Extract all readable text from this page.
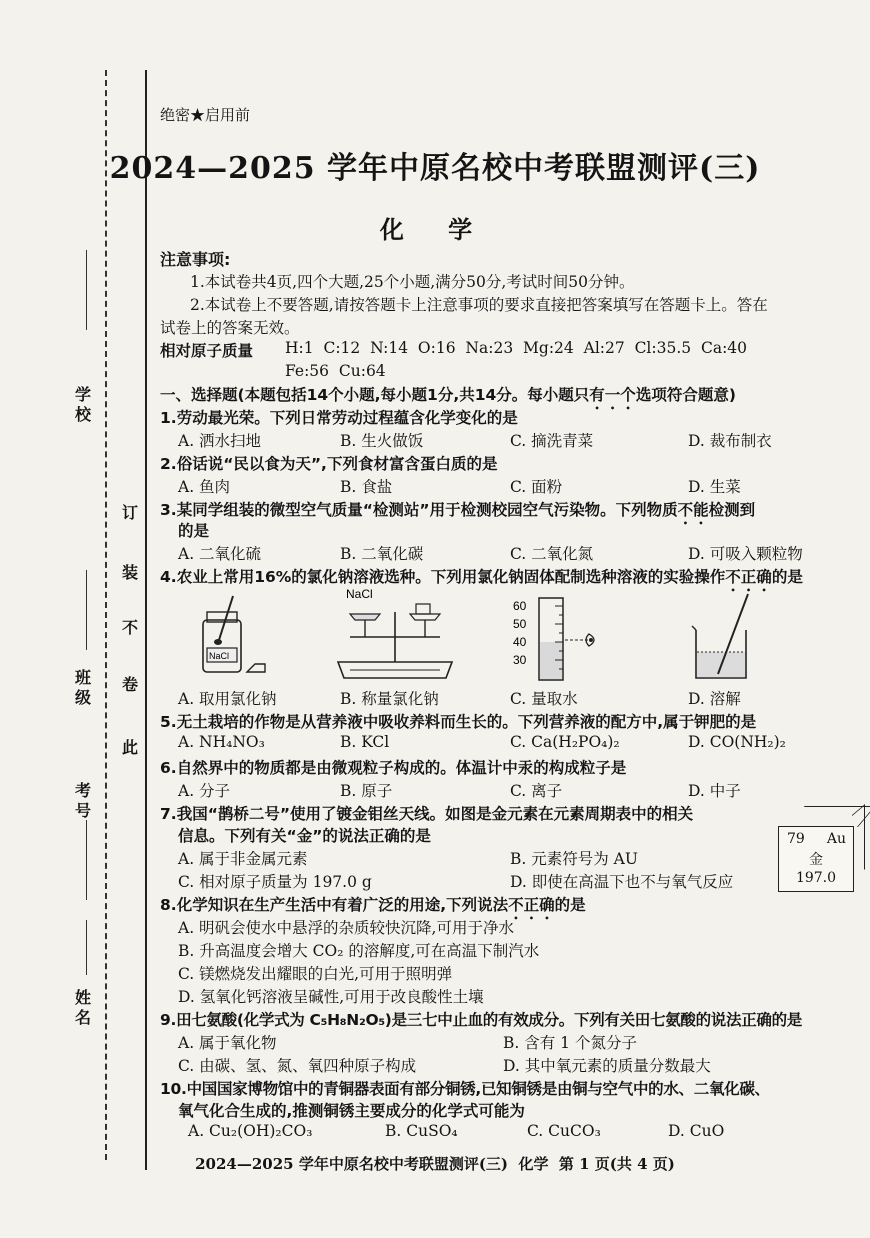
学校
班级
考号
姓名
订
装
不
卷
此
绝密★启用前
2024—2025 学年中原名校中考联盟测评(三)
化 学
注意事项:
1.本试卷共4页,四个大题,25个小题,满分50分,考试时间50分钟。
2.本试卷上不要答题,请按答题卡上注意事项的要求直接把答案填写在答题卡上。答在
试卷上的答案无效。
相对原子质量 H:1  C:12  N:14  O:16  Na:23  Mg:24  Al:27  Cl:35.5  Ca:40
Fe:56  Cu:64
一、选择题(本题包括14个小题,每小题1分,共14分。每小题只有一个选项符合题意)
1.劳动最光荣。下列日常劳动过程蕴含化学变化的是
A. 洒水扫地	B. 生火做饭	C. 摘洗青菜	D. 裁布制衣
2.俗话说“民以食为天”,下列食材富含蛋白质的是
A. 鱼肉	B. 食盐	C. 面粉	D. 生菜
3.某同学组装的微型空气质量“检测站”用于检测校园空气污染物。下列物质不能检测到
的是
A. 二氧化硫	B. 二氧化碳	C. 二氧化氮	D. 可吸入颗粒物
4.农业上常用16%的氯化钠溶液选种。下列用氯化钠固体配制选种溶液的实验操作不正确的是
NaCl
NaCl
60
50
40
30
A. 取用氯化钠	B. 称量氯化钠	C. 量取水	D. 溶解
5.无土栽培的作物是从营养液中吸收养料而生长的。下列营养液的配方中,属于钾肥的是
A. NH₄NO₃	B. KCl	C. Ca(H₂PO₄)₂	D. CO(NH₂)₂
6.自然界中的物质都是由微观粒子构成的。体温计中汞的构成粒子是
A. 分子	B. 原子	C. 离子	D. 中子
7.我国“鹊桥二号”使用了镀金钼丝天线。如图是金元素在元素周期表中的相关
信息。下列有关“金”的说法正确的是
A. 属于非金属元素	B. 元素符号为 AU
C. 相对原子质量为 197.0 g	D. 即使在高温下也不与氧气反应
79 Au
金
197.0
8.化学知识在生产生活中有着广泛的用途,下列说法不正确的是
A. 明矾会使水中悬浮的杂质较快沉降,可用于净水
B. 升高温度会增大 CO₂ 的溶解度,可在高温下制汽水
C. 镁燃烧发出耀眼的白光,可用于照明弹
D. 氢氧化钙溶液呈碱性,可用于改良酸性土壤
9.田七氨酸(化学式为 C₅H₈N₂O₅)是三七中止血的有效成分。下列有关田七氨酸的说法正确的是
A. 属于氧化物	B. 含有 1 个氮分子
C. 由碳、氢、氮、氧四种原子构成	D. 其中氧元素的质量分数最大
10.中国国家博物馆中的青铜器表面有部分铜锈,已知铜锈是由铜与空气中的水、二氧化碳、
氧气化合生成的,推测铜锈主要成分的化学式可能为
A. Cu₂(OH)₂CO₃	B. CuSO₄	C. CuCO₃	D. CuO
2024—2025 学年中原名校中考联盟测评(三)  化学  第 1 页(共 4 页)
